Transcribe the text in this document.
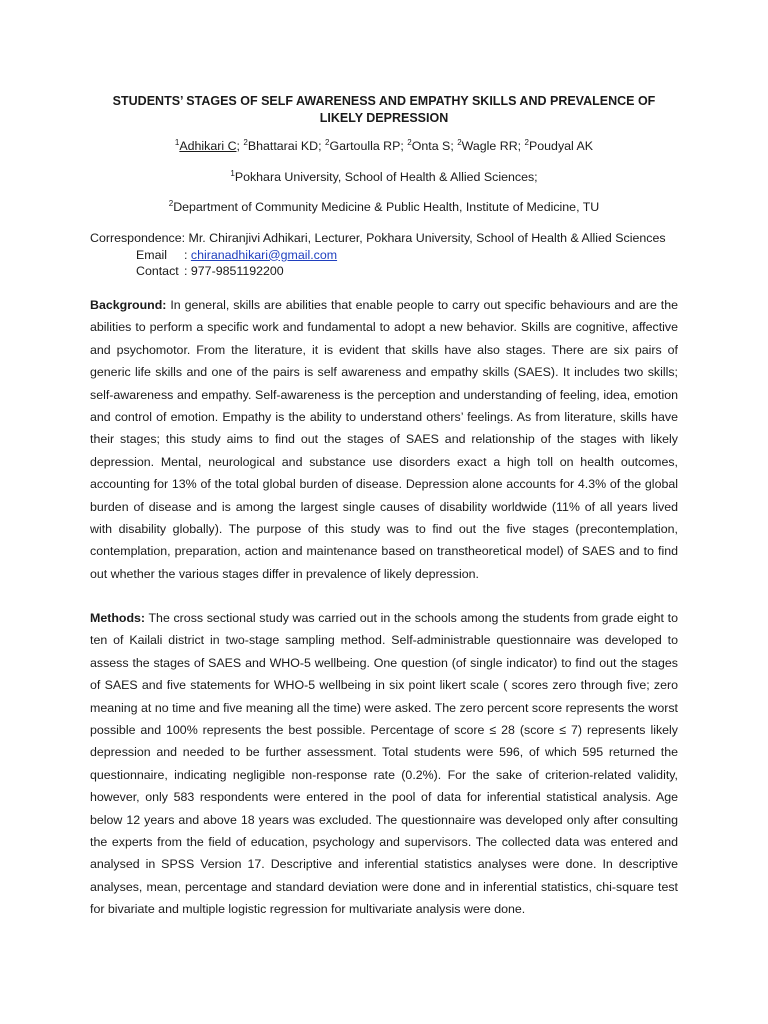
STUDENTS’ STAGES OF SELF AWARENESS AND EMPATHY SKILLS AND PREVALENCE OF LIKELY DEPRESSION
$^1$Adhikari C; $^2$Bhattarai KD; $^2$Gartoulla RP; $^2$Onta S; $^2$Wagle RR; $^2$Poudyal AK
$^1$Pokhara University, School of Health & Allied Sciences;
$^2$Department of Community Medicine & Public Health, Institute of Medicine, TU
Correspondence: Mr. Chiranjivi Adhikari, Lecturer, Pokhara University, School of Health & Allied Sciences
Email : chiranadhikari@gmail.com
Contact : 977-9851192200
Background: In general, skills are abilities that enable people to carry out specific behaviours and are the abilities to perform a specific work and fundamental to adopt a new behavior. Skills are cognitive, affective and psychomotor. From the literature, it is evident that skills have also stages. There are six pairs of generic life skills and one of the pairs is self awareness and empathy skills (SAES). It includes two skills; self-awareness and empathy. Self-awareness is the perception and understanding of feeling, idea, emotion and control of emotion. Empathy is the ability to understand others’ feelings. As from literature, skills have their stages; this study aims to find out the stages of SAES and relationship of the stages with likely depression. Mental, neurological and substance use disorders exact a high toll on health outcomes, accounting for 13% of the total global burden of disease. Depression alone accounts for 4.3% of the global burden of disease and is among the largest single causes of disability worldwide (11% of all years lived with disability globally). The purpose of this study was to find out the five stages (precontemplation, contemplation, preparation, action and maintenance based on transtheoretical model) of SAES and to find out whether the various stages differ in prevalence of likely depression.
Methods: The cross sectional study was carried out in the schools among the students from grade eight to ten of Kailali district in two-stage sampling method. Self-administrable questionnaire was developed to assess the stages of SAES and WHO-5 wellbeing. One question (of single indicator) to find out the stages of SAES and five statements for WHO-5 wellbeing in six point likert scale ( scores zero through five; zero meaning at no time and five meaning all the time) were asked. The zero percent score represents the worst possible and 100% represents the best possible. Percentage of score ≤ 28 (score ≤ 7) represents likely depression and needed to be further assessment. Total students were 596, of which 595 returned the questionnaire, indicating negligible non-response rate (0.2%). For the sake of criterion-related validity, however, only 583 respondents were entered in the pool of data for inferential statistical analysis. Age below 12 years and above 18 years was excluded. The questionnaire was developed only after consulting the experts from the field of education, psychology and supervisors. The collected data was entered and analysed in SPSS Version 17. Descriptive and inferential statistics analyses were done. In descriptive analyses, mean, percentage and standard deviation were done and in inferential statistics, chi-square test for bivariate and multiple logistic regression for multivariate analysis were done.
